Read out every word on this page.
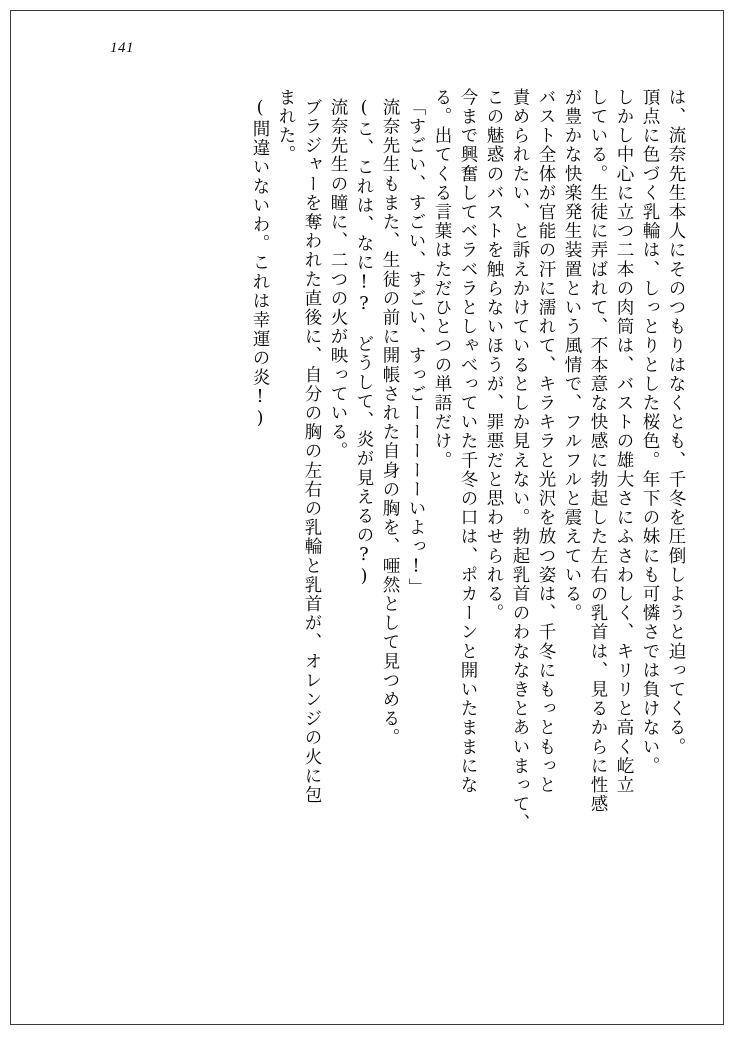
141
は、流奈先生本人にそのつもりはなくとも、千冬を圧倒しようと迫ってくる。
頂点に色づく乳輪は、しっとりとした桜色。年下の妹にも可憐さでは負けない。
しかし中心に立つ二本の肉筒は、バストの雄大さにふさわしく、キリリと高く屹立
している。生徒に弄ばれて、不本意な快感に勃起した左右の乳首は、見るからに性感
が豊かな快楽発生装置という風情で、フルフルと震えている。
バスト全体が官能の汗に濡れて、キラキラと光沢を放つ姿は、千冬にもっともっと
責められたい、と訴えかけているとしか見えない。勃起乳首のわななきとあいまって、
この魅惑のバストを触らないほうが、罪悪だと思わせられる。
今まで興奮してベラベラとしゃべっていた千冬の口は、ポカーンと開いたままにな
る。出てくる言葉はただひとつの単語だけ。
「すごい、すごい、すごい、すっごーーーーーいよっ!」
流奈先生もまた、生徒の前に開帳された自身の胸を、唖然として見つめる。
(こ、これは、なに!?　どうして、炎が見えるの?)
流奈先生の瞳に、二つの火が映っている。
ブラジャーを奪われた直後に、自分の胸の左右の乳輪と乳首が、オレンジの火に包
まれた。
(間違いないわ。これは幸運の炎!)
